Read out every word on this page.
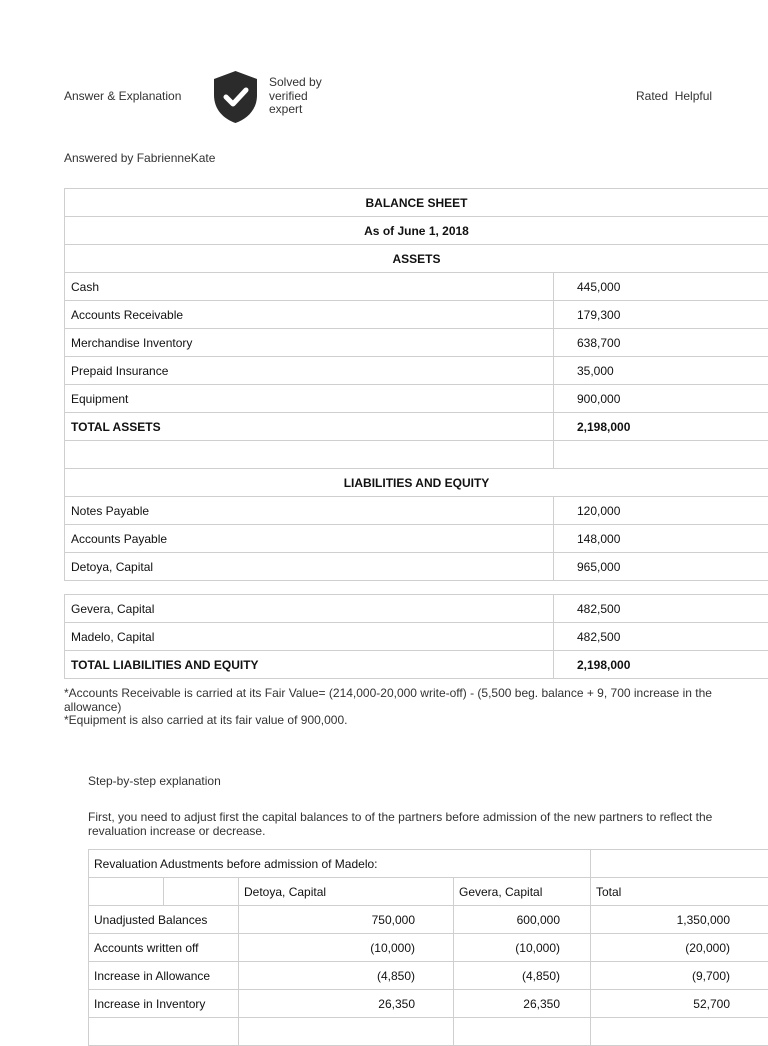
Answer & Explanation
Solved by
verified
expert
Rated Helpful
Answered by FabrienneKate
BALANCE SHEET	
As of June 1, 2018	
ASSETS	
Cash	445,000
Accounts Receivable	179,300
Merchandise Inventory	638,700
Prepaid Insurance	35,000
Equipment	900,000
TOTAL ASSETS	2,198,000

LIABILITIES AND EQUITY	
Notes Payable	120,000
Accounts Payable	148,000
Detoya, Capital	965,000
Gevera, Capital	482,500
Madelo, Capital	482,500
TOTAL LIABILITIES AND EQUITY	2,198,000
*Accounts Receivable is carried at its Fair Value= (214,000-20,000 write-off) - (5,500 beg. balance + 9, 700 increase in the allowance)
*Equipment is also carried at its fair value of 900,000.
Step-by-step explanation
First, you need to adjust first the capital balances to of the partners before admission of the new partners to reflect the revaluation increase or decrease.
Revaluation Adustments before admission of Madelo:				
		Detoya, Capital	Gevera, Capital	Total
Unadjusted Balances		750,000	600,000	1,350,000
Accounts written off		(10,000)	(10,000)	(20,000)
Increase in Allowance		(4,850)	(4,850)	(9,700)
Increase in Inventory		26,350	26,350	52,700
